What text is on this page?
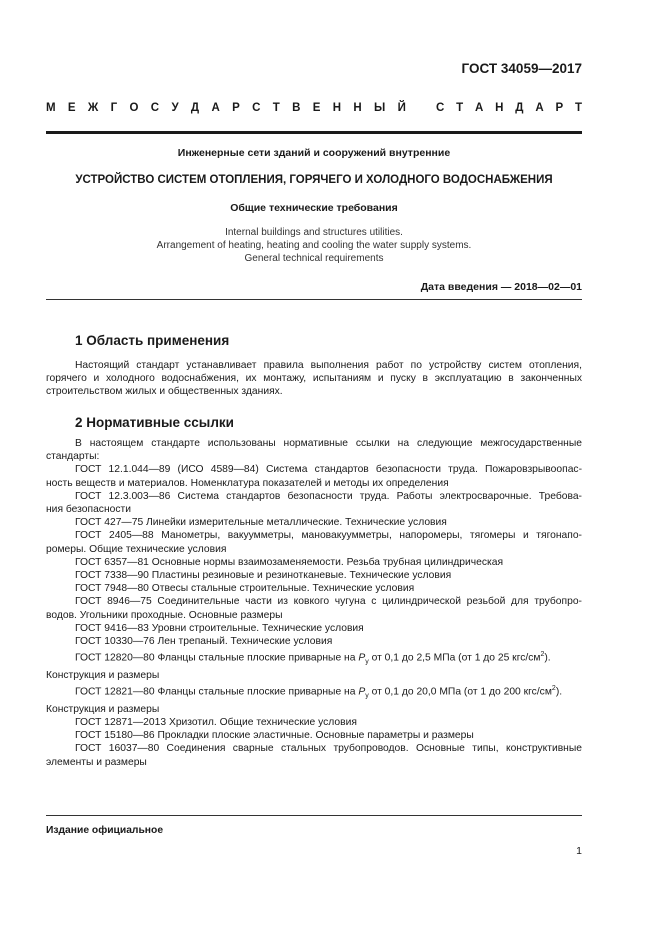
ГОСТ 34059—2017
М Е Ж Г О С У Д А Р С Т В Е Н Н Ы Й	С Т А Н Д А Р Т
Инженерные сети зданий и сооружений внутренние
УСТРОЙСТВО СИСТЕМ ОТОПЛЕНИЯ, ГОРЯЧЕГО И ХОЛОДНОГО ВОДОСНАБЖЕНИЯ
Общие технические требования
Internal buildings and structures utilities.
Arrangement of heating, heating and cooling the water supply systems.
General technical requirements
Дата введения — 2018—02—01
1 Область применения
Настоящий стандарт устанавливает правила выполнения работ по устройству систем отопления,
горячего и холодного водоснабжения, их монтажу, испытаниям и пуску в эксплуатацию в законченных
строительством жилых и общественных зданиях.
2 Нормативные ссылки
В настоящем стандарте использованы нормативные ссылки на следующие межгосударственные
стандарты:
ГОСТ 12.1.044—89 (ИСО 4589—84) Система стандартов безопасности труда. Пожаровзрывоопас-
ность веществ и материалов. Номенклатура показателей и методы их определения
ГОСТ 12.3.003—86 Система стандартов безопасности труда. Работы электросварочные. Требова-
ния безопасности
ГОСТ 427—75 Линейки измерительные металлические. Технические условия
ГОСТ 2405—88 Манометры, вакуумметры, мановакуумметры, напоромеры, тягомеры и тягонапо-
ромеры. Общие технические условия
ГОСТ 6357—81 Основные нормы взаимозаменяемости. Резьба трубная цилиндрическая
ГОСТ 7338—90 Пластины резиновые и резинотканевые. Технические условия
ГОСТ 7948—80 Отвесы стальные строительные. Технические условия
ГОСТ 8946—75 Соединительные части из ковкого чугуна с цилиндрической резьбой для трубопро-
водов. Угольники проходные. Основные размеры
ГОСТ 9416—83 Уровни строительные. Технические условия
ГОСТ 10330—76 Лен трепаный. Технические условия
ГОСТ 12820—80 Фланцы стальные плоские приварные на $P_y$ от 0,1 до 2,5 МПа (от 1 до 25 кгс/$см^2$).
Конструкция и размеры
ГОСТ 12821—80 Фланцы стальные плоские приварные на $P_y$ от 0,1 до 20,0 МПа (от 1 до 200 кгс/$см^2$).
Конструкция и размеры
ГОСТ 12871—2013 Хризотил. Общие технические условия
ГОСТ 15180—86 Прокладки плоские эластичные. Основные параметры и размеры
ГОСТ 16037—80 Соединения сварные стальных трубопроводов. Основные типы, конструктивные
элементы и размеры
Издание официальное
1
